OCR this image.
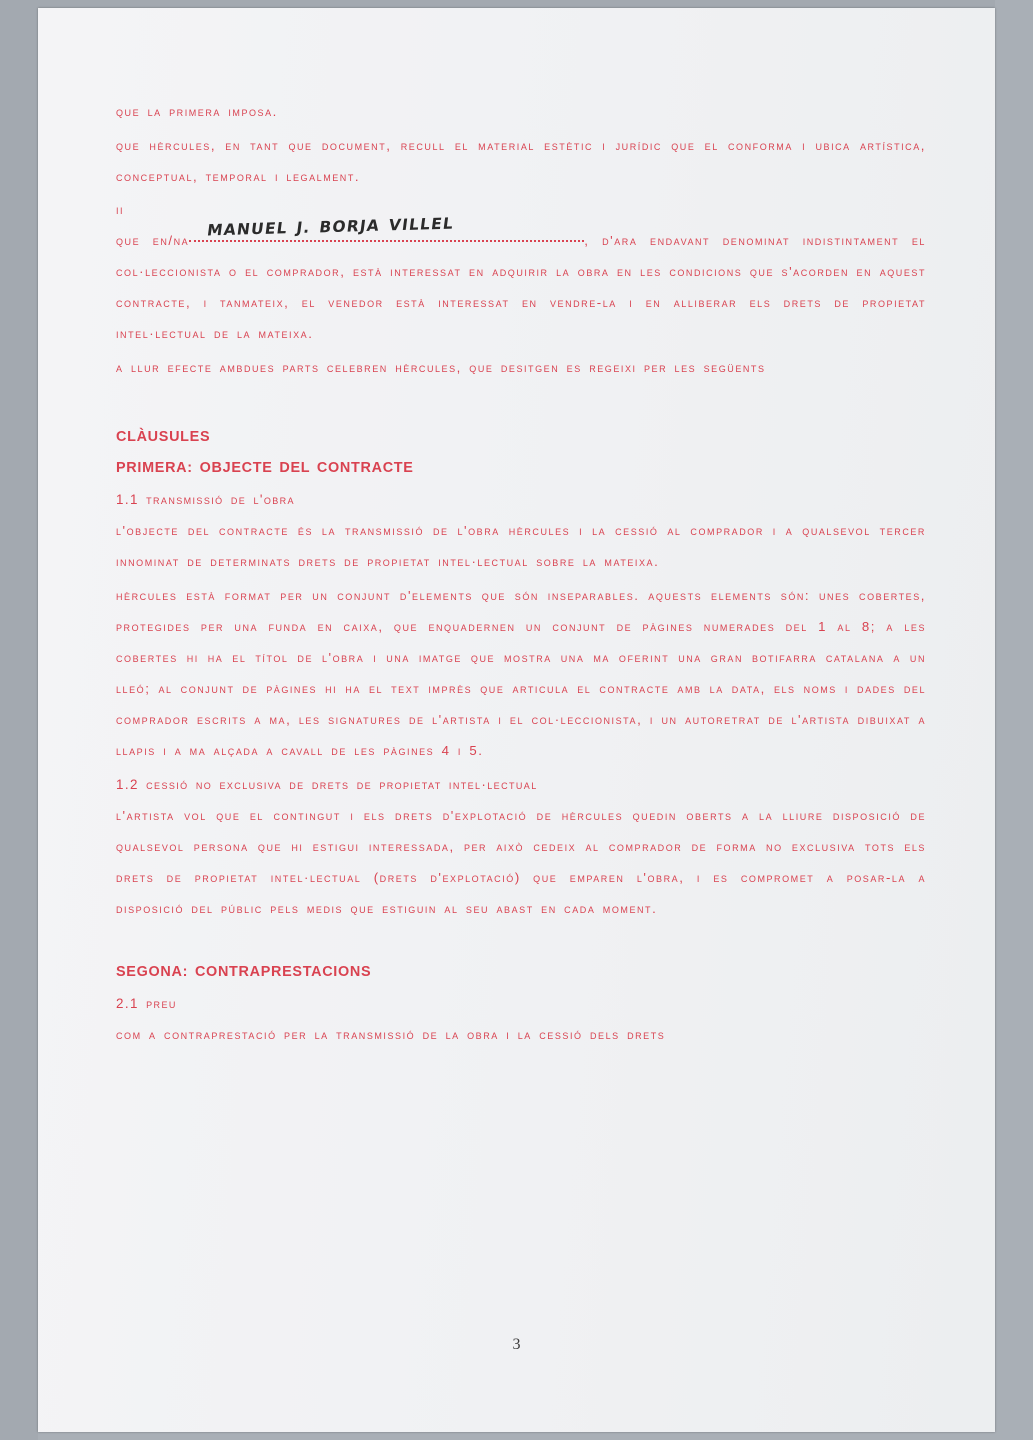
que la primera imposa.

que hèrcules, en tant que document, recull el material estètic i jurídic que el conforma i ubica artística, conceptual, temporal i legalment.

ii

que en/na
MANUEL J. BORJA VILLEL
, d'ara endavant denominat indistintament el col·leccionista o el comprador, està interessat en adquirir la obra en les condicions que s'acorden en aquest contracte, i tanmateix, el venedor està interessat en vendre-la i en alliberar els drets de propietat intel·lectual de la mateixa.

a llur efecte ambdues parts celebren hèrcules, que desitgen es regeixi per les següents

CLÀUSULES

PRIMERA: OBJECTE DEL CONTRACTE

1.1 transmissió de l'obra

l'objecte del contracte és la transmissió de l'obra hèrcules i la cessió al comprador i a qualsevol tercer innominat de determinats drets de propietat intel·lectual sobre la mateixa.

hèrcules està format per un conjunt d'elements que són inseparables. aquests elements són: unes cobertes, protegides per una funda en caixa, que enquadernen un conjunt de pàgines numerades del 1 al 8; a les cobertes hi ha el títol de l'obra i una imatge que mostra una ma oferint una gran botifarra catalana a un lleó; al conjunt de pàgines hi ha el text imprès que articula el contracte amb la data, els noms i dades del comprador escrits a ma, les signatures de l'artista i el col·leccionista, i un autoretrat de l'artista dibuixat a llapis i a ma alçada a cavall de les pàgines 4 i 5.

1.2 cessió no exclusiva de drets de propietat intel·lectual

l'artista vol que el contingut i els drets d'explotació de hèrcules quedin oberts a la lliure disposició de qualsevol persona que hi estigui interessada, per això cedeix al comprador de forma no exclusiva tots els drets de propietat intel·lectual (drets d'explotació) que emparen l'obra, i es compromet a posar-la a disposició del públic pels medis que estiguin al seu abast en cada moment.

SEGONA: CONTRAPRESTACIONS

2.1 preu

com a contraprestació per la transmissió de la obra i la cessió dels drets

3
